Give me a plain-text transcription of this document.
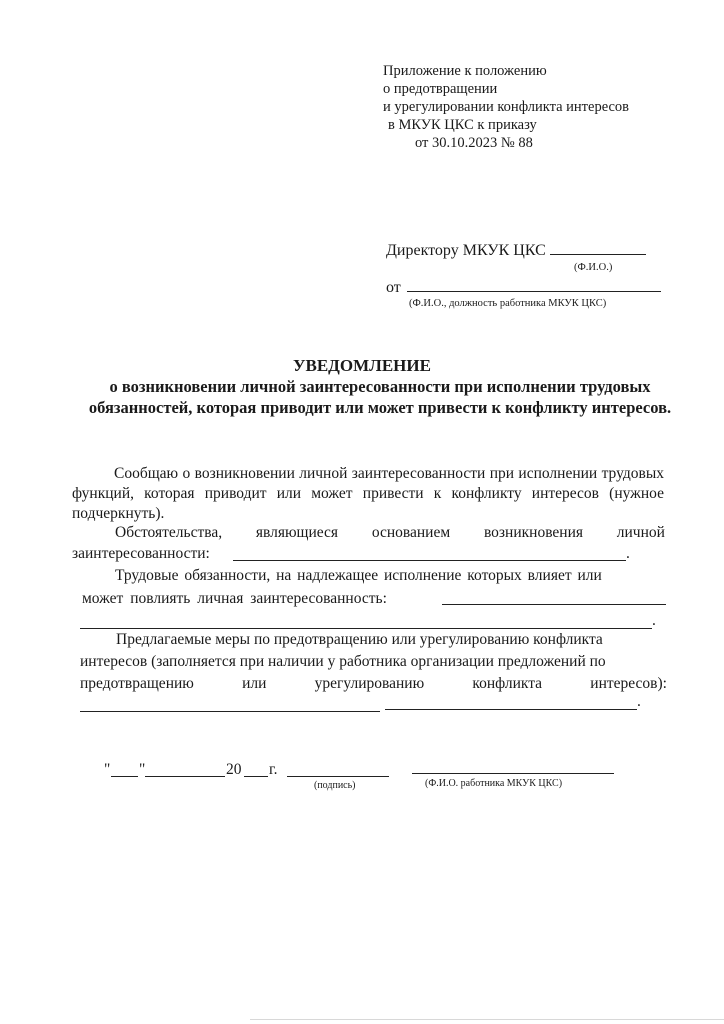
Приложение к положению
о предотвращении
и урегулировании конфликта интересов
в МКУК ЦКС к приказу
от 30.10.2023 № 88
Директору МКУК ЦКС
(Ф.И.О.)
от
(Ф.И.О., должность работника МКУК ЦКС)
УВЕДОМЛЕНИЕ
о возникновении личной заинтересованности при исполнении трудовых обязанностей, которая приводит или может привести к конфликту интересов.
Сообщаю о возникновении личной заинтересованности при исполнении трудовых функций, которая приводит или может привести к конфликту интересов (нужное подчеркнуть).
Обстоятельства, являющиеся основанием возникновения личной
заинтересованности:	.
Трудовые обязанности, на надлежащее исполнение которых влияет или
может повлиять личная заинтересованность:
.
Предлагаемые меры по предотвращению или урегулированию конфликта
интересов (заполняется при наличии у работника организации предложений по
предотвращению	или	урегулированию	конфликта	интересов):
.
" "	20 г.
(подпись)	(Ф.И.О. работника МКУК ЦКС)
